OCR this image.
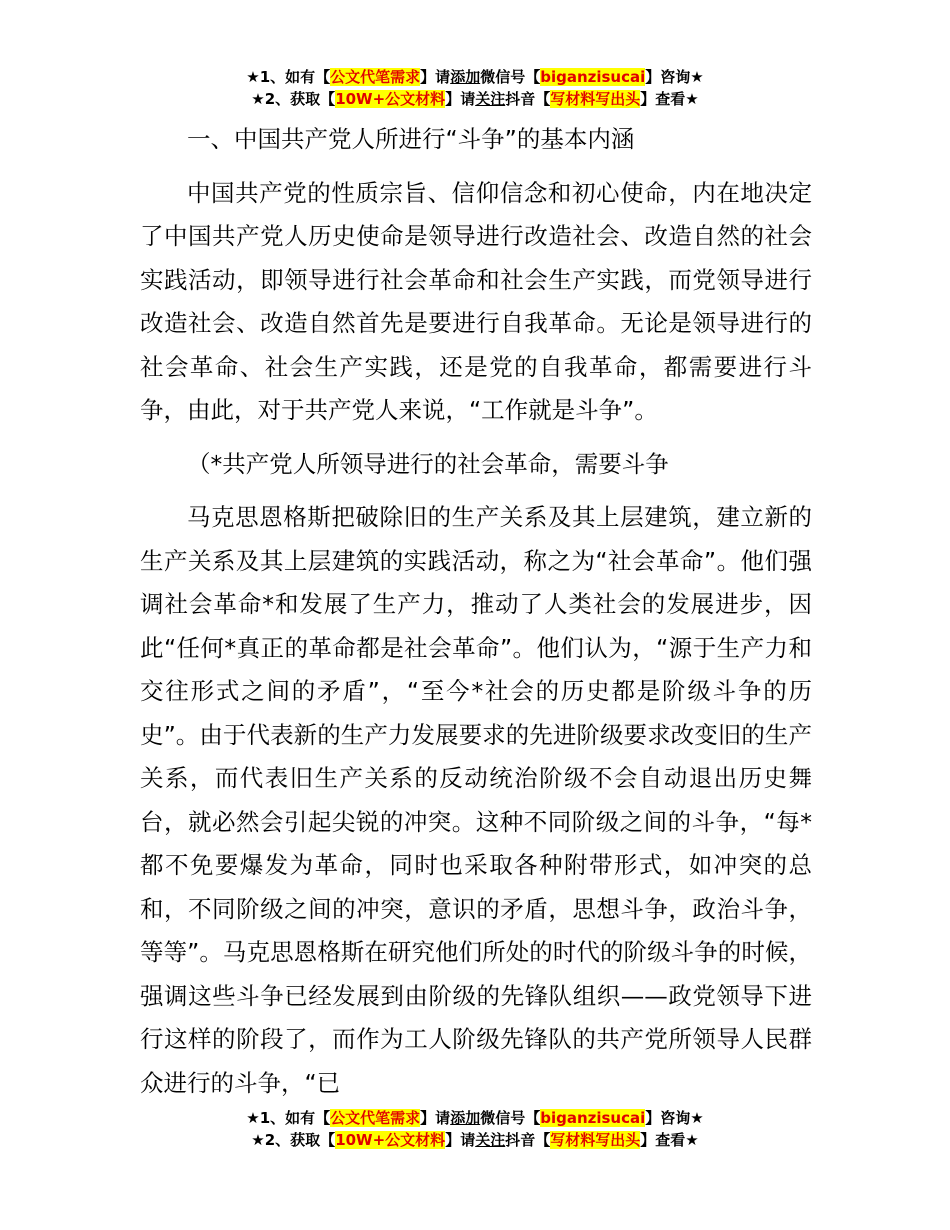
★1、如有【公文代笔需求】请添加微信号【biganzisucai】咨询★
★2、获取【10W+公文材料】请关注抖音【写材料写出头】查看★

一、中国共产党人所进行“斗争”的基本内涵

中国共产党的性质宗旨、信仰信念和初心使命，内在地决定了中国共产党人历史使命是领导进行改造社会、改造自然的社会实践活动，即领导进行社会革命和社会生产实践，而党领导进行改造社会、改造自然首先是要进行自我革命。无论是领导进行的社会革命、社会生产实践，还是党的自我革命，都需要进行斗争，由此，对于共产党人来说，“工作就是斗争”。

（*共产党人所领导进行的社会革命，需要斗争

马克思恩格斯把破除旧的生产关系及其上层建筑，建立新的生产关系及其上层建筑的实践活动，称之为“社会革命”。他们强调社会革命*和发展了生产力，推动了人类社会的发展进步，因此“任何*真正的革命都是社会革命”。他们认为，“源于生产力和交往形式之间的矛盾”，“至今*社会的历史都是阶级斗争的历史”。由于代表新的生产力发展要求的先进阶级要求改变旧的生产关系，而代表旧生产关系的反动统治阶级不会自动退出历史舞台，就必然会引起尖锐的冲突。这种不同阶级之间的斗争，“每*都不免要爆发为革命，同时也采取各种附带形式，如冲突的总和，不同阶级之间的冲突，意识的矛盾，思想斗争，政治斗争，等等”。马克思恩格斯在研究他们所处的时代的阶级斗争的时候，强调这些斗争已经发展到由阶级的先锋队组织——政党领导下进行这样的阶段了，而作为工人阶级先锋队的共产党所领导人民群众进行的斗争，“已

★1、如有【公文代笔需求】请添加微信号【biganzisucai】咨询★
★2、获取【10W+公文材料】请关注抖音【写材料写出头】查看★
